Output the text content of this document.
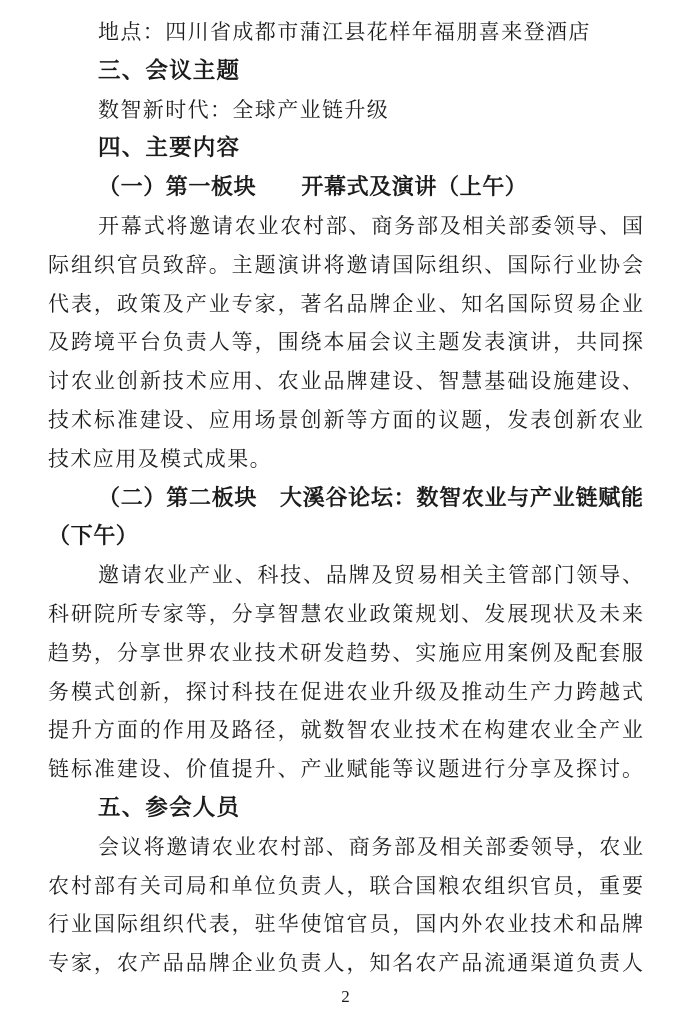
地点：四川省成都市蒲江县花样年福朋喜来登酒店
三、会议主题
数智新时代：全球产业链升级
四、主要内容
（一）第一板块　　开幕式及演讲（上午）
开幕式将邀请农业农村部、商务部及相关部委领导、国
际组织官员致辞。主题演讲将邀请国际组织、国际行业协会
代表，政策及产业专家，著名品牌企业、知名国际贸易企业
及跨境平台负责人等，围绕本届会议主题发表演讲，共同探
讨农业创新技术应用、农业品牌建设、智慧基础设施建设、
技术标准建设、应用场景创新等方面的议题，发表创新农业
技术应用及模式成果。
（二）第二板块　大溪谷论坛：数智农业与产业链赋能
（下午）
邀请农业产业、科技、品牌及贸易相关主管部门领导、
科研院所专家等，分享智慧农业政策规划、发展现状及未来
趋势，分享世界农业技术研发趋势、实施应用案例及配套服
务模式创新，探讨科技在促进农业升级及推动生产力跨越式
提升方面的作用及路径，就数智农业技术在构建农业全产业
链标准建设、价值提升、产业赋能等议题进行分享及探讨。
五、参会人员
会议将邀请农业农村部、商务部及相关部委领导，农业
农村部有关司局和单位负责人，联合国粮农组织官员，重要
行业国际组织代表，驻华使馆官员，国内外农业技术和品牌
专家，农产品品牌企业负责人，知名农产品流通渠道负责人
2
